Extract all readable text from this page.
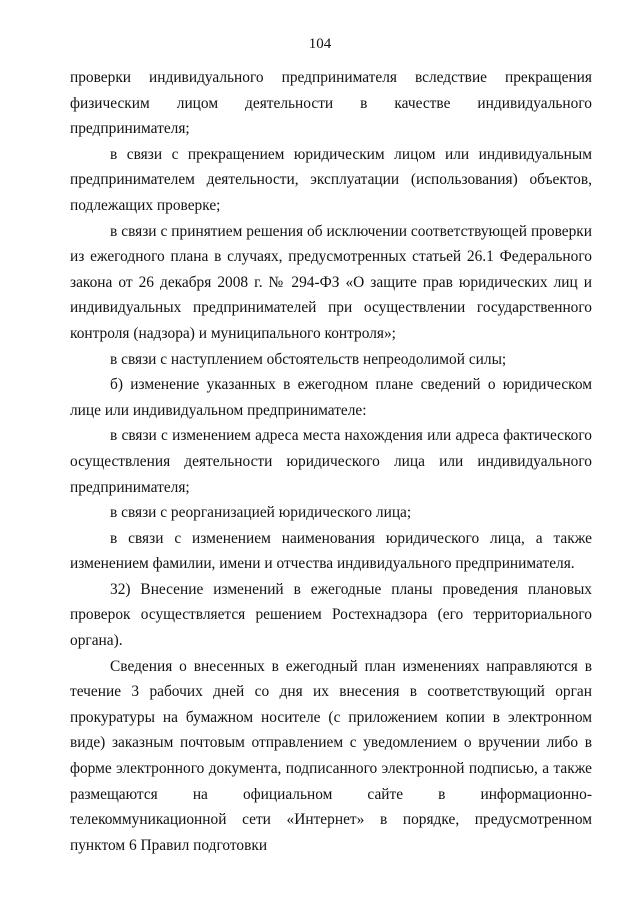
104

проверки индивидуального предпринимателя вследствие прекращения физическим лицом деятельности в качестве индивидуального предпринимателя;

в связи с прекращением юридическим лицом или индивидуальным предпринимателем деятельности, эксплуатации (использования) объектов, подлежащих проверке;

в связи с принятием решения об исключении соответствующей проверки из ежегодного плана в случаях, предусмотренных статьей 26.1 Федерального закона от 26 декабря 2008 г. № 294-ФЗ «О защите прав юридических лиц и индивидуальных предпринимателей при осуществлении государственного контроля (надзора) и муниципального контроля»;

в связи с наступлением обстоятельств непреодолимой силы;

б) изменение указанных в ежегодном плане сведений о юридическом лице или индивидуальном предпринимателе:

в связи с изменением адреса места нахождения или адреса фактического осуществления деятельности юридического лица или индивидуального предпринимателя;

в связи с реорганизацией юридического лица;

в связи с изменением наименования юридического лица, а также изменением фамилии, имени и отчества индивидуального предпринимателя.

32) Внесение изменений в ежегодные планы проведения плановых проверок осуществляется решением Ростехнадзора (его территориального органа).

Сведения о внесенных в ежегодный план изменениях направляются в течение 3 рабочих дней со дня их внесения в соответствующий орган прокуратуры на бумажном носителе (с приложением копии в электронном виде) заказным почтовым отправлением с уведомлением о вручении либо в форме электронного документа, подписанного электронной подписью, а также размещаются на официальном сайте в информационно-телекоммуникационной сети «Интернет» в порядке, предусмотренном пунктом 6 Правил подготовки
